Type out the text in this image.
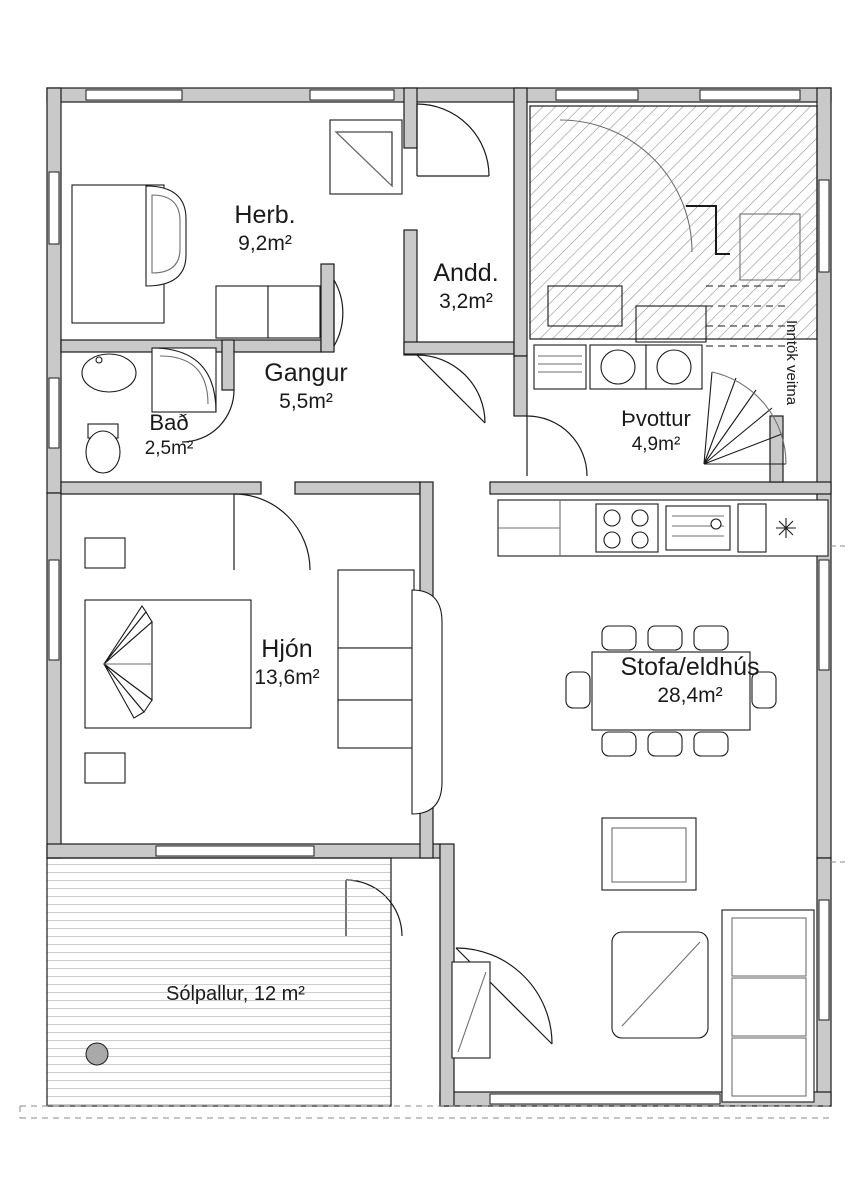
Herb.
9,2m²
Andd.
3,2m²
Gangur
5,5m²
Bað
2,5m²
Þvottur
4,9m²
Hjón
13,6m²	Stofa/eldhús
28,4m²
Sólpallur, 12 m²
Inntök veitna
